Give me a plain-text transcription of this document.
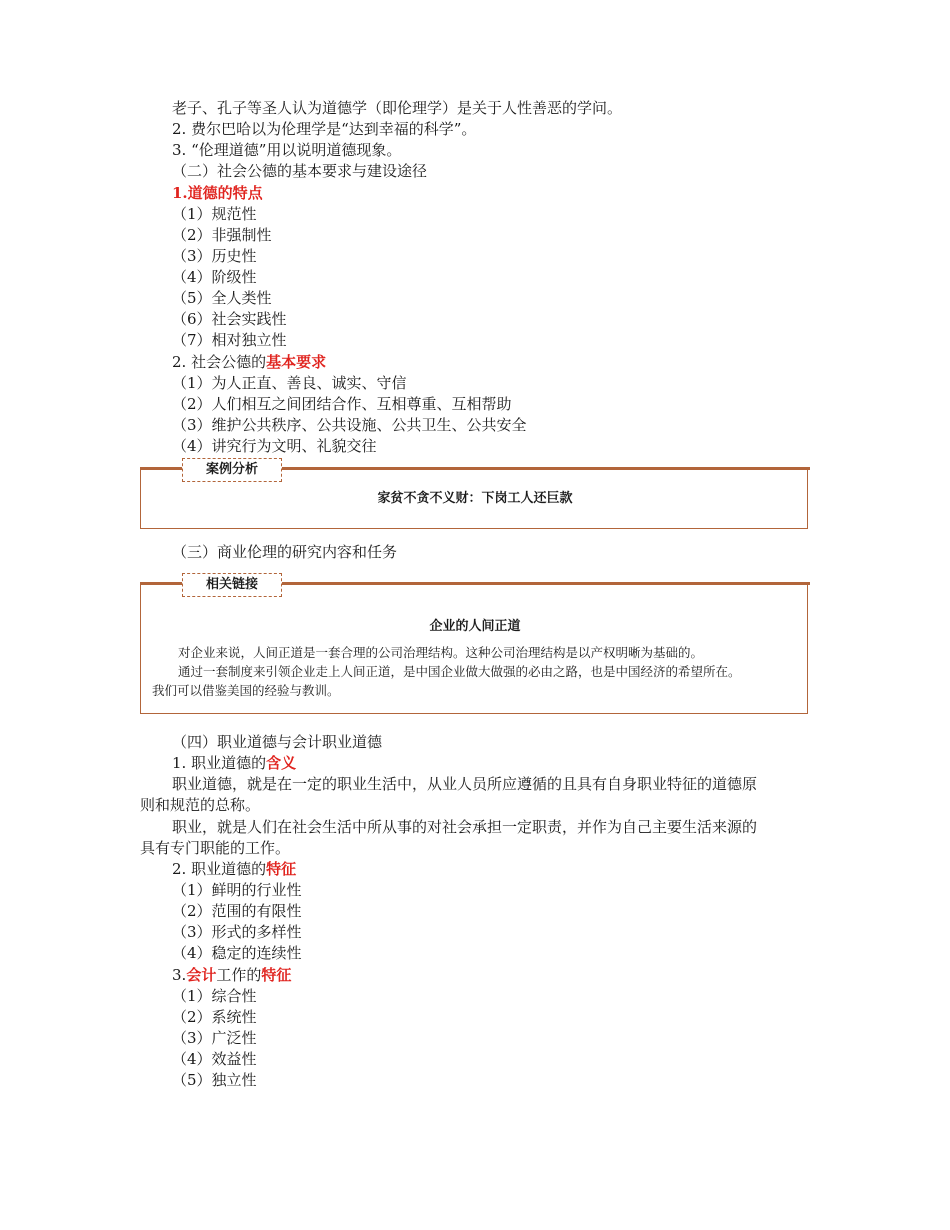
老子、孔子等圣人认为道德学（即伦理学）是关于人性善恶的学问。
2. 费尔巴哈以为伦理学是“达到幸福的科学”。
3. “伦理道德”用以说明道德现象。
（二）社会公德的基本要求与建设途径
1.道德的特点
（1）规范性
（2）非强制性
（3）历史性
（4）阶级性
（5）全人类性
（6）社会实践性
（7）相对独立性
2. 社会公德的基本要求
（1）为人正直、善良、诚实、守信
（2）人们相互之间团结合作、互相尊重、互相帮助
（3）维护公共秩序、公共设施、公共卫生、公共安全
（4）讲究行为文明、礼貌交往
案例分析
家贫不贪不义财：下岗工人还巨款
（三）商业伦理的研究内容和任务
相关链接
企业的人间正道
对企业来说，人间正道是一套合理的公司治理结构。这种公司治理结构是以产权明晰为基础的。
通过一套制度来引领企业走上人间正道，是中国企业做大做强的必由之路，也是中国经济的希望所在。
我们可以借鉴美国的经验与教训。
（四）职业道德与会计职业道德
1. 职业道德的含义
职业道德，就是在一定的职业生活中，从业人员所应遵循的且具有自身职业特征的道德原
则和规范的总称。
职业，就是人们在社会生活中所从事的对社会承担一定职责，并作为自己主要生活来源的
具有专门职能的工作。
2. 职业道德的特征
（1）鲜明的行业性
（2）范围的有限性
（3）形式的多样性
（4）稳定的连续性
3.会计工作的特征
（1）综合性
（2）系统性
（3）广泛性
（4）效益性
（5）独立性
